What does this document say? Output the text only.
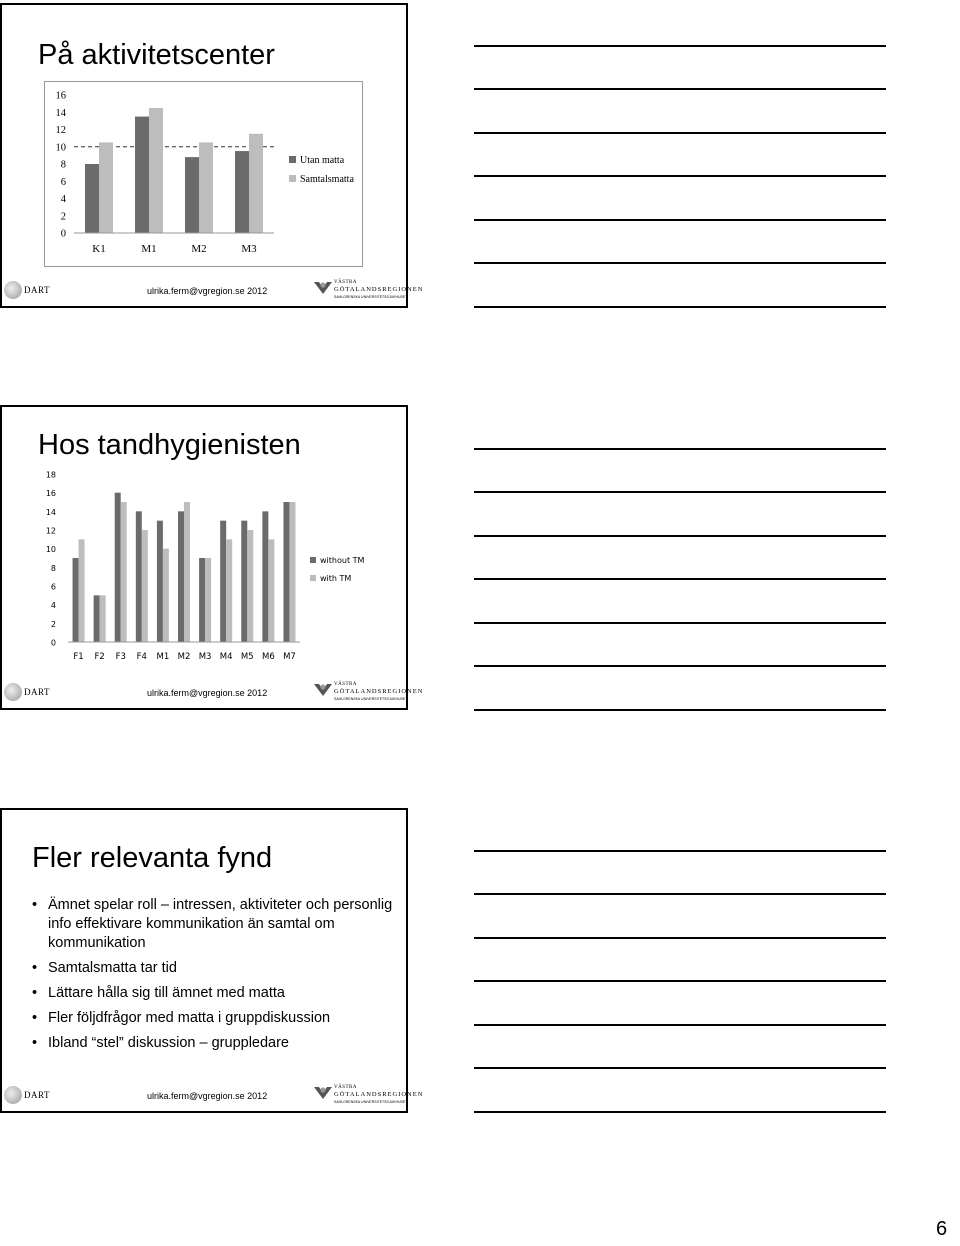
På aktivitetscenter
0
2
4
6
8
10
12
14
16
K1	M1	M2	M3
Utan matta
Samtalsmatta
DART	ulrika.ferm@vgregion.se 2012
VÄSTRA
GÖTALANDSREGIONEN
SAHLGRENSKA UNIVERSITETSSJUKHUSET
Hos tandhygienisten
0
2
4
6
8
10
12
14
16
18
F1 F2 F3 F4 M1 M2 M3 M4 M5 M6 M7
without TM
with TM
DART	ulrika.ferm@vgregion.se 2012
VÄSTRA
GÖTALANDSREGIONEN
SAHLGRENSKA UNIVERSITETSSJUKHUSET
Fler relevanta fynd
• Ämnet spelar roll – intressen, aktiviteter och personlig info effektivare kommunikation än samtal om kommunikation
• Samtalsmatta tar tid
• Lättare hålla sig till ämnet med matta
• Fler följdfrågor med matta i gruppdiskussion
• Ibland “stel” diskussion – gruppledare
DART	ulrika.ferm@vgregion.se 2012
VÄSTRA
GÖTALANDSREGIONEN
SAHLGRENSKA UNIVERSITETSSJUKHUSET
6
